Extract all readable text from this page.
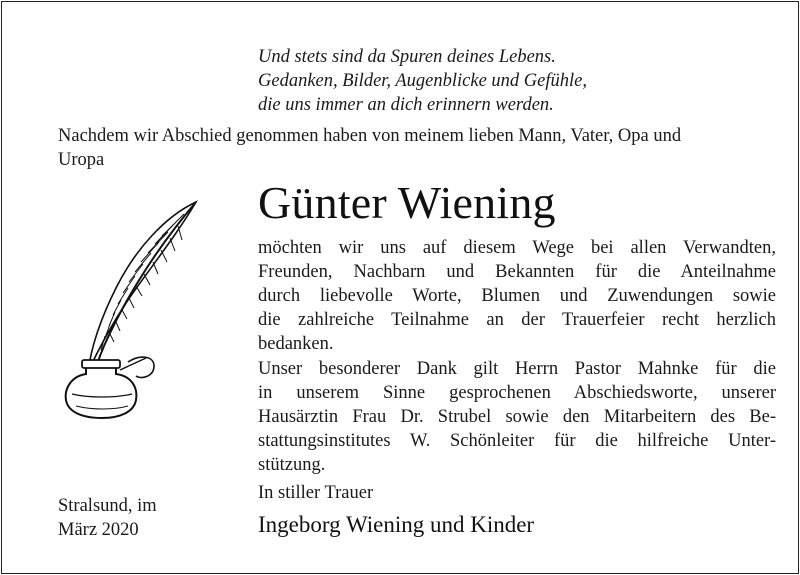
Und stets sind da Spuren deines Lebens.
Gedanken, Bilder, Augenblicke und Gefühle,
die uns immer an dich erinnern werden.
Nachdem wir Abschied genommen haben von meinem lieben Mann, Vater, Opa und
Uropa
Günter Wiening
möchten wir uns auf diesem Wege bei allen Verwandten,
Freunden, Nachbarn und Bekannten für die Anteilnahme
durch liebevolle Worte, Blumen und Zuwendungen sowie
die zahlreiche Teilnahme an der Trauerfeier recht herzlich
bedanken.
Unser besonderer Dank gilt Herrn Pastor Mahnke für die
in unserem Sinne gesprochenen Abschiedsworte, unserer
Hausärztin Frau Dr. Strubel sowie den Mitarbeitern des Be-
stattungsinstitutes W. Schönleiter für die hilfreiche Unter-
stützung.
In stiller Trauer
Ingeborg Wiening und Kinder
Stralsund, im
März 2020
